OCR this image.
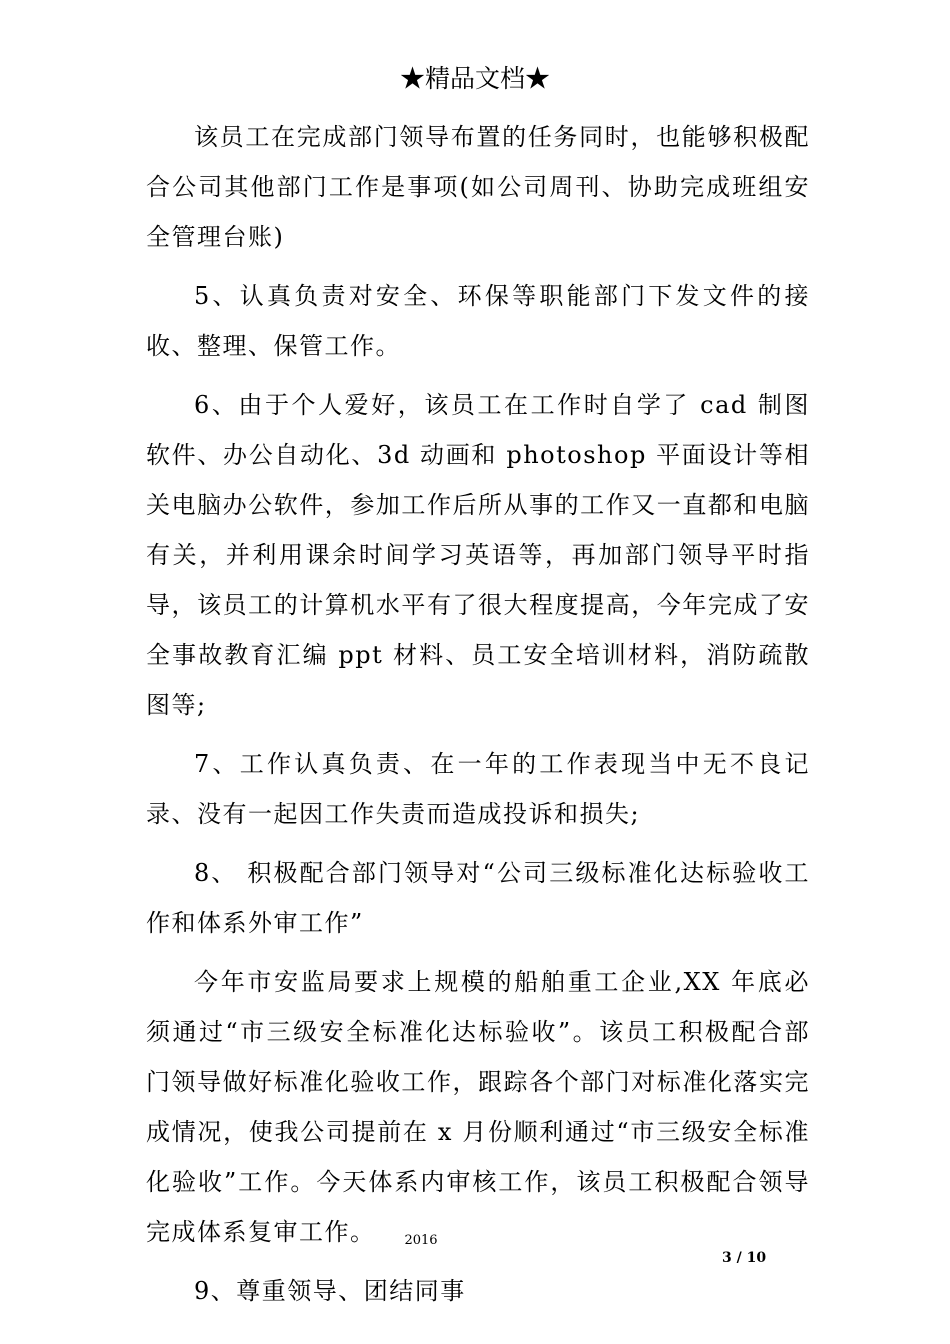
★精品文档★

该员工在完成部门领导布置的任务同时，也能够积极配合公司其他部门工作是事项(如公司周刊、协助完成班组安全管理台账)

5、认真负责对安全、环保等职能部门下发文件的接收、整理、保管工作。

6、由于个人爱好，该员工在工作时自学了 cad 制图软件、办公自动化、3d 动画和 photoshop 平面设计等相关电脑办公软件，参加工作后所从事的工作又一直都和电脑有关，并利用课余时间学习英语等，再加部门领导平时指导，该员工的计算机水平有了很大程度提高，今年完成了安全事故教育汇编 ppt 材料、员工安全培训材料，消防疏散图等;

7、工作认真负责、在一年的工作表现当中无不良记录、没有一起因工作失责而造成投诉和损失;

8、 积极配合部门领导对“公司三级标准化达标验收工作和体系外审工作”

今年市安监局要求上规模的船舶重工企业,XX 年底必须通过“市三级安全标准化达标验收”。该员工积极配合部门领导做好标准化验收工作，跟踪各个部门对标准化落实完成情况，使我公司提前在 x 月份顺利通过“市三级安全标准化验收”工作。今天体系内审核工作，该员工积极配合领导完成体系复审工作。

9、尊重领导、团结同事

2016
3 / 10
